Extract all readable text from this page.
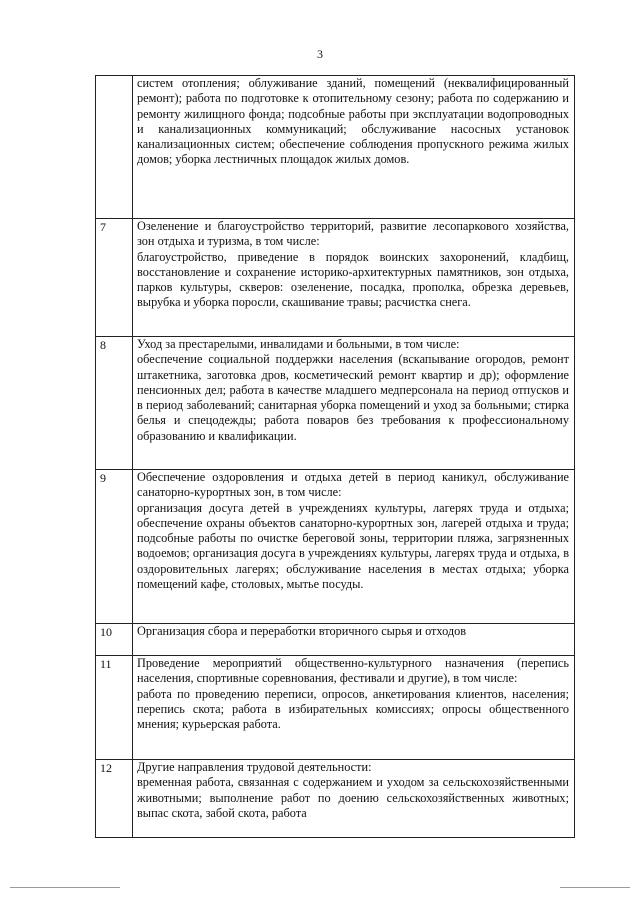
3

	систем отопления; облуживание зданий, помещений (неквалифицированный ремонт); работа по подготовке к отопительному сезону; работа по содержанию и ремонту жилищного фонда; подсобные работы при эксплуатации водопроводных и канализационных коммуникаций; обслуживание насосных установок канализационных систем; обеспечение соблюдения пропускного режима жилых домов; уборка лестничных площадок жилых домов.

7	Озеленение и благоустройство территорий, развитие лесопаркового хозяйства, зон отдыха и туризма, в том числе:
благоустройство, приведение в порядок воинских захоронений, кладбищ, восстановление и сохранение историко-архитектурных памятников, зон отдыха, парков культуры, скверов: озеленение, посадка, прополка, обрезка деревьев, вырубка и уборка поросли, скашивание травы; расчистка снега.

8	Уход за престарелыми, инвалидами и больными, в том числе:
обеспечение социальной поддержки населения (вскапывание огородов, ремонт штакетника, заготовка дров, косметический ремонт квартир и др); оформление пенсионных дел; работа в качестве младшего медперсонала на период отпусков и в период заболеваний; санитарная уборка помещений и уход за больными; стирка белья и спецодежды; работа поваров без требования к профессиональному образованию и квалификации.

9	Обеспечение оздоровления и отдыха детей в период каникул, обслуживание санаторно-курортных зон, в том числе:
организация досуга детей в учреждениях культуры, лагерях труда и отдыха; обеспечение охраны объектов санаторно-курортных зон, лагерей отдыха и труда; подсобные работы по очистке береговой зоны, территории пляжа, загрязненных водоемов; организация досуга в учреждениях культуры, лагерях труда и отдыха, в оздоровительных лагерях; обслуживание населения в местах отдыха; уборка помещений кафе, столовых, мытье посуды.

10	Организация сбора и переработки вторичного сырья и отходов

11	Проведение мероприятий общественно-культурного назначения (перепись населения, спортивные соревнования, фестивали и другие), в том числе:
работа по проведению переписи, опросов, анкетирования клиентов, населения; перепись скота; работа в избирательных комиссиях; опросы общественного мнения; курьерская работа.

12	Другие направления трудовой деятельности:
временная работа, связанная с содержанием и уходом за сельскохозяйственными животными; выполнение работ по доению сельскохозяйственных животных; выпас скота, забой скота, работа
